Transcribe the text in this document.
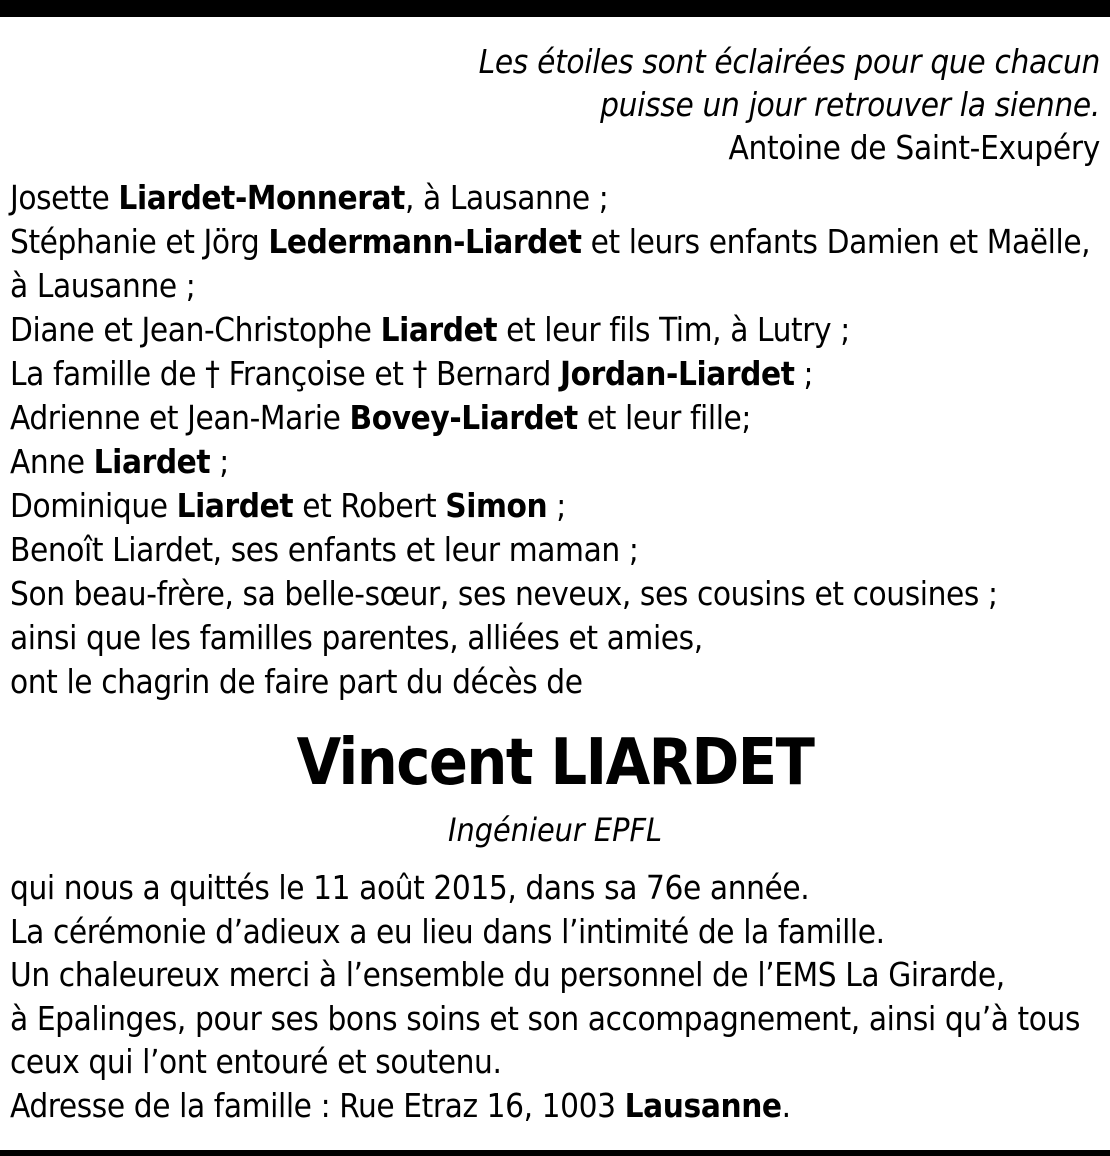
Les étoiles sont éclairées pour que chacun
puisse un jour retrouver la sienne.
Antoine de Saint-Exupéry
Josette Liardet-Monnerat, à Lausanne ;
Stéphanie et Jörg Ledermann-Liardet et leurs enfants Damien et Maëlle,
à Lausanne ;
Diane et Jean-Christophe Liardet et leur fils Tim, à Lutry ;
La famille de † Françoise et † Bernard Jordan-Liardet ;
Adrienne et Jean-Marie Bovey-Liardet et leur fille;
Anne Liardet ;
Dominique Liardet et Robert Simon ;
Benoît Liardet, ses enfants et leur maman ;
Son beau-frère, sa belle-sœur, ses neveux, ses cousins et cousines ;
ainsi que les familles parentes, alliées et amies,
ont le chagrin de faire part du décès de
Vincent LIARDET
Ingénieur EPFL
qui nous a quittés le 11 août 2015, dans sa 76e année.
La cérémonie d’adieux a eu lieu dans l’intimité de la famille.
Un chaleureux merci à l’ensemble du personnel de l’EMS La Girarde,
à Epalinges, pour ses bons soins et son accompagnement, ainsi qu’à tous
ceux qui l’ont entouré et soutenu.
Adresse de la famille : Rue Etraz 16, 1003 Lausanne.
